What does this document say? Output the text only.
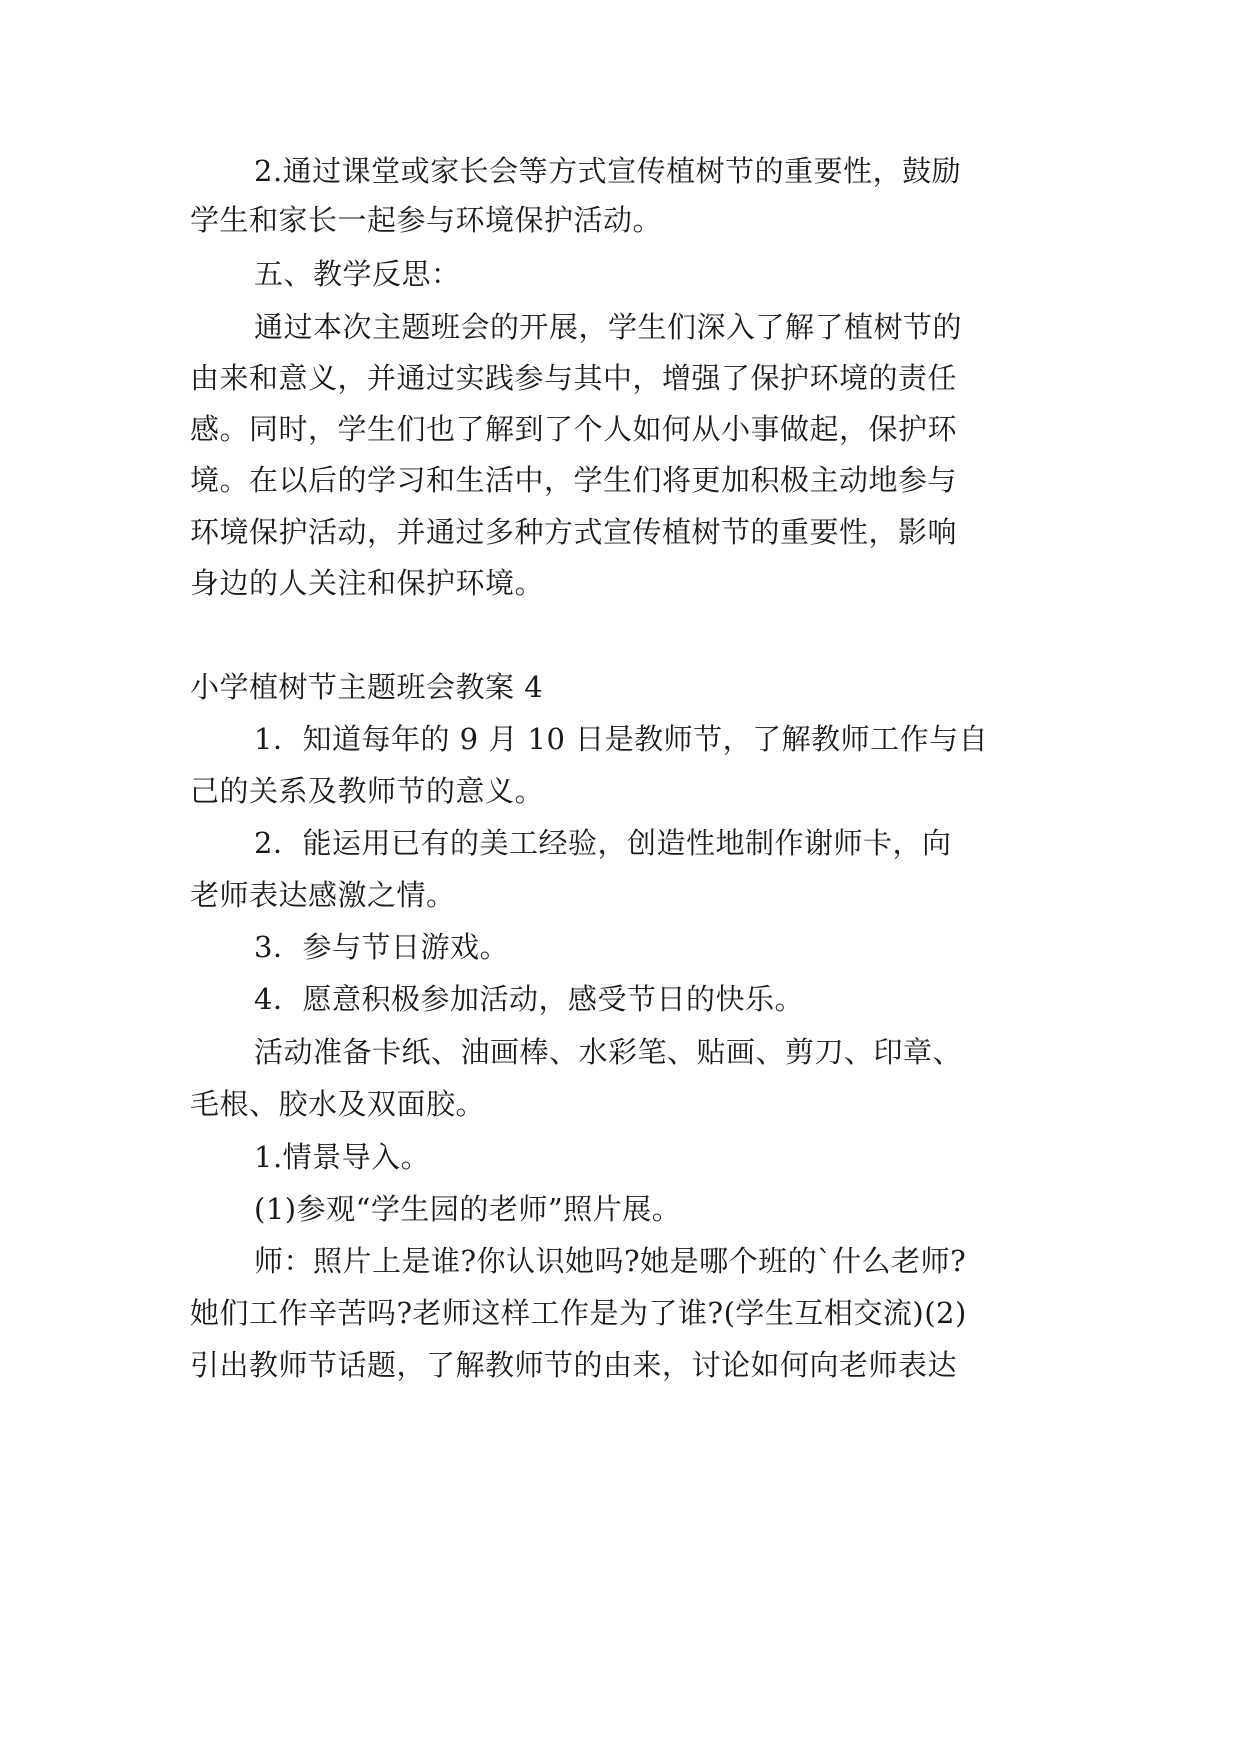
2.通过课堂或家长会等方式宣传植树节的重要性，鼓励
学生和家长一起参与环境保护活动。
五、教学反思：
通过本次主题班会的开展，学生们深入了解了植树节的
由来和意义，并通过实践参与其中，增强了保护环境的责任
感。同时，学生们也了解到了个人如何从小事做起，保护环
境。在以后的学习和生活中，学生们将更加积极主动地参与
环境保护活动，并通过多种方式宣传植树节的重要性，影响
身边的人关注和保护环境。
小学植树节主题班会教案 4
1．知道每年的 9 月 10 日是教师节，了解教师工作与自
己的关系及教师节的意义。
2．能运用已有的美工经验，创造性地制作谢师卡，向
老师表达感激之情。
3．参与节日游戏。
4．愿意积极参加活动，感受节日的快乐。
活动准备卡纸、油画棒、水彩笔、贴画、剪刀、印章、
毛根、胶水及双面胶。
1.情景导入。
(1)参观“学生园的老师”照片展。
师：照片上是谁?你认识她吗?她是哪个班的`什么老师?
她们工作辛苦吗?老师这样工作是为了谁?(学生互相交流)(2)
引出教师节话题，了解教师节的由来，讨论如何向老师表达
